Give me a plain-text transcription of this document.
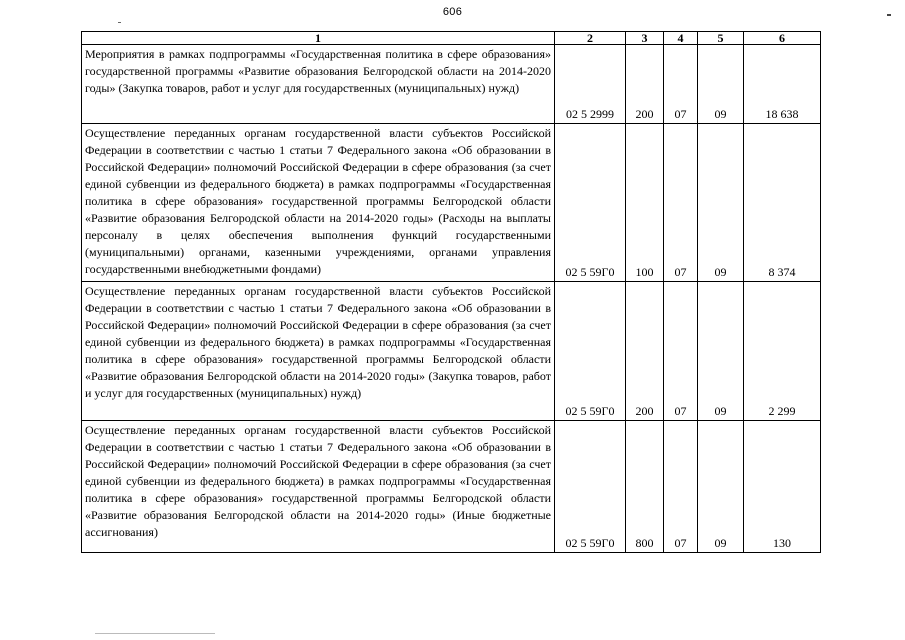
606
1	2	3	4	5	6
Мероприятия в рамках подпрограммы «Государственная политика в сфере образования» государственной программы «Развитие образования Белгородской области на 2014-2020 годы» (Закупка товаров, работ и услуг для государственных (муниципальных) нужд)	02 5 2999	200	07	09	18 638
Осуществление переданных органам государственной власти субъектов Российской Федерации в соответствии с частью 1 статьи 7 Федерального закона «Об образовании в Российской Федерации» полномочий Российской Федерации в сфере образования (за счет единой субвенции из федерального бюджета) в рамках подпрограммы «Государственная политика в сфере образования» государственной программы Белгородской области «Развитие образования Белгородской области на 2014-2020 годы» (Расходы на выплаты персоналу в целях обеспечения выполнения функций государственными (муниципальными) органами, казенными учреждениями, органами управления государственными внебюджетными фондами)	02 5 59Г0	100	07	09	8 374
Осуществление переданных органам государственной власти субъектов Российской Федерации в соответствии с частью 1 статьи 7 Федерального закона «Об образовании в Российской Федерации» полномочий Российской Федерации в сфере образования (за счет единой субвенции из федерального бюджета) в рамках подпрограммы «Государственная политика в сфере образования» государственной программы Белгородской области «Развитие образования Белгородской области на 2014-2020 годы» (Закупка товаров, работ и услуг для государственных (муниципальных) нужд)	02 5 59Г0	200	07	09	2 299
Осуществление переданных органам государственной власти субъектов Российской Федерации в соответствии с частью 1 статьи 7 Федерального закона «Об образовании в Российской Федерации» полномочий Российской Федерации в сфере образования (за счет единой субвенции из федерального бюджета) в рамках подпрограммы «Государственная политика в сфере образования» государственной программы Белгородской области «Развитие образования Белгородской области на 2014-2020 годы» (Иные бюджетные ассигнования)	02 5 59Г0	800	07	09	130
